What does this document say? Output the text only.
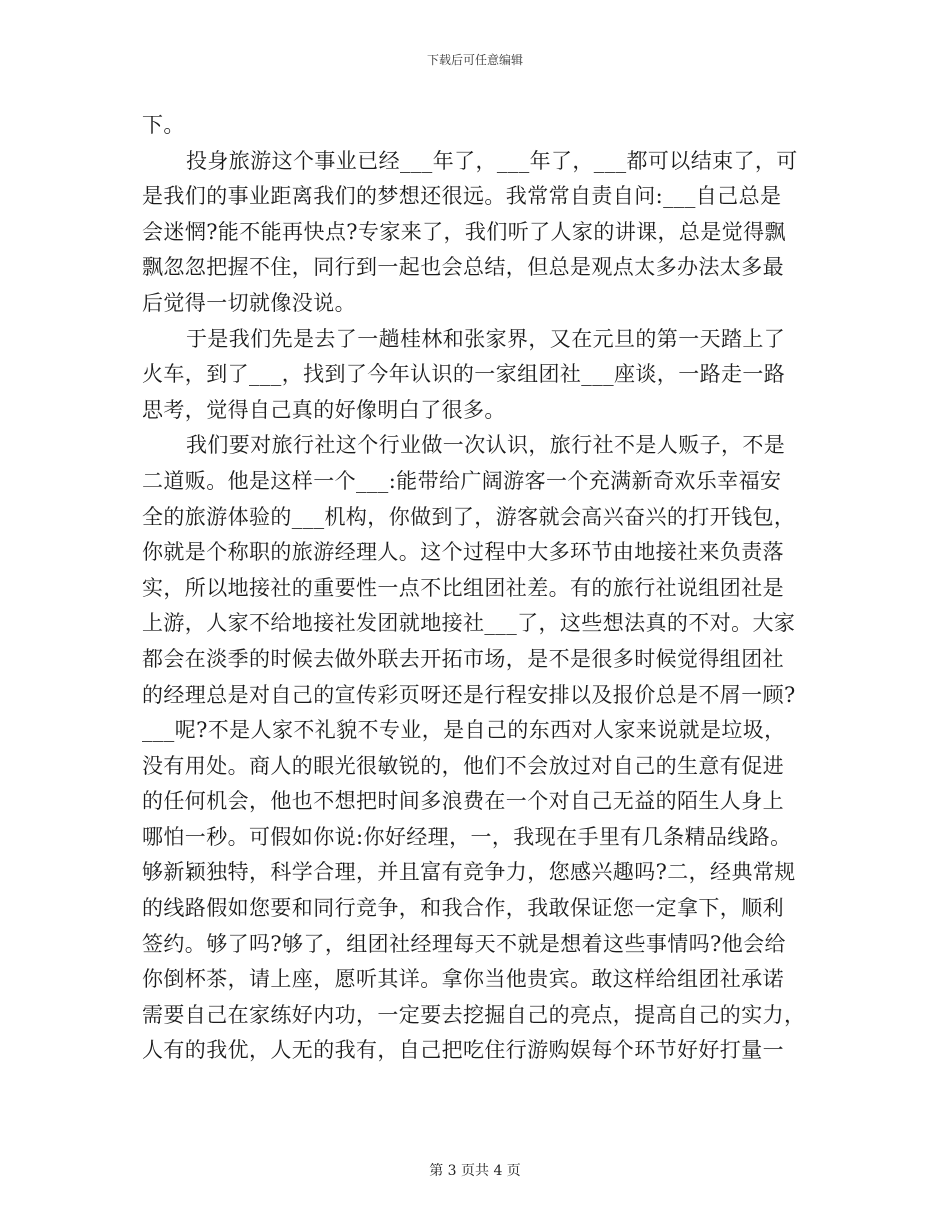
下载后可任意编辑
下。
投身旅游这个事业已经___年了，___年了，___都可以结束了，可
是我们的事业距离我们的梦想还很远。我常常自责自问:___自己总是
会迷惘?能不能再快点?专家来了，我们听了人家的讲课，总是觉得飘
飘忽忽把握不住，同行到一起也会总结，但总是观点太多办法太多最
后觉得一切就像没说。
于是我们先是去了一趟桂林和张家界，又在元旦的第一天踏上了
火车，到了___，找到了今年认识的一家组团社___座谈，一路走一路
思考，觉得自己真的好像明白了很多。
我们要对旅行社这个行业做一次认识，旅行社不是人贩子，不是
二道贩。他是这样一个___:能带给广阔游客一个充满新奇欢乐幸福安
全的旅游体验的___机构，你做到了，游客就会高兴奋兴的打开钱包，
你就是个称职的旅游经理人。这个过程中大多环节由地接社来负责落
实，所以地接社的重要性一点不比组团社差。有的旅行社说组团社是
上游，人家不给地接社发团就地接社___了，这些想法真的不对。大家
都会在淡季的时候去做外联去开拓市场，是不是很多时候觉得组团社
的经理总是对自己的宣传彩页呀还是行程安排以及报价总是不屑一顾?
___呢?不是人家不礼貌不专业，是自己的东西对人家来说就是垃圾，
没有用处。商人的眼光很敏锐的，他们不会放过对自己的生意有促进
的任何机会，他也不想把时间多浪费在一个对自己无益的陌生人身上
哪怕一秒。可假如你说:你好经理，一，我现在手里有几条精品线路。
够新颖独特，科学合理，并且富有竞争力，您感兴趣吗?二，经典常规
的线路假如您要和同行竞争，和我合作，我敢保证您一定拿下，顺利
签约。够了吗?够了，组团社经理每天不就是想着这些事情吗?他会给
你倒杯茶，请上座，愿听其详。拿你当他贵宾。敢这样给组团社承诺
需要自己在家练好内功，一定要去挖掘自己的亮点，提高自己的实力，
人有的我优，人无的我有，自己把吃住行游购娱每个环节好好打量一
第 3 页共 4 页
